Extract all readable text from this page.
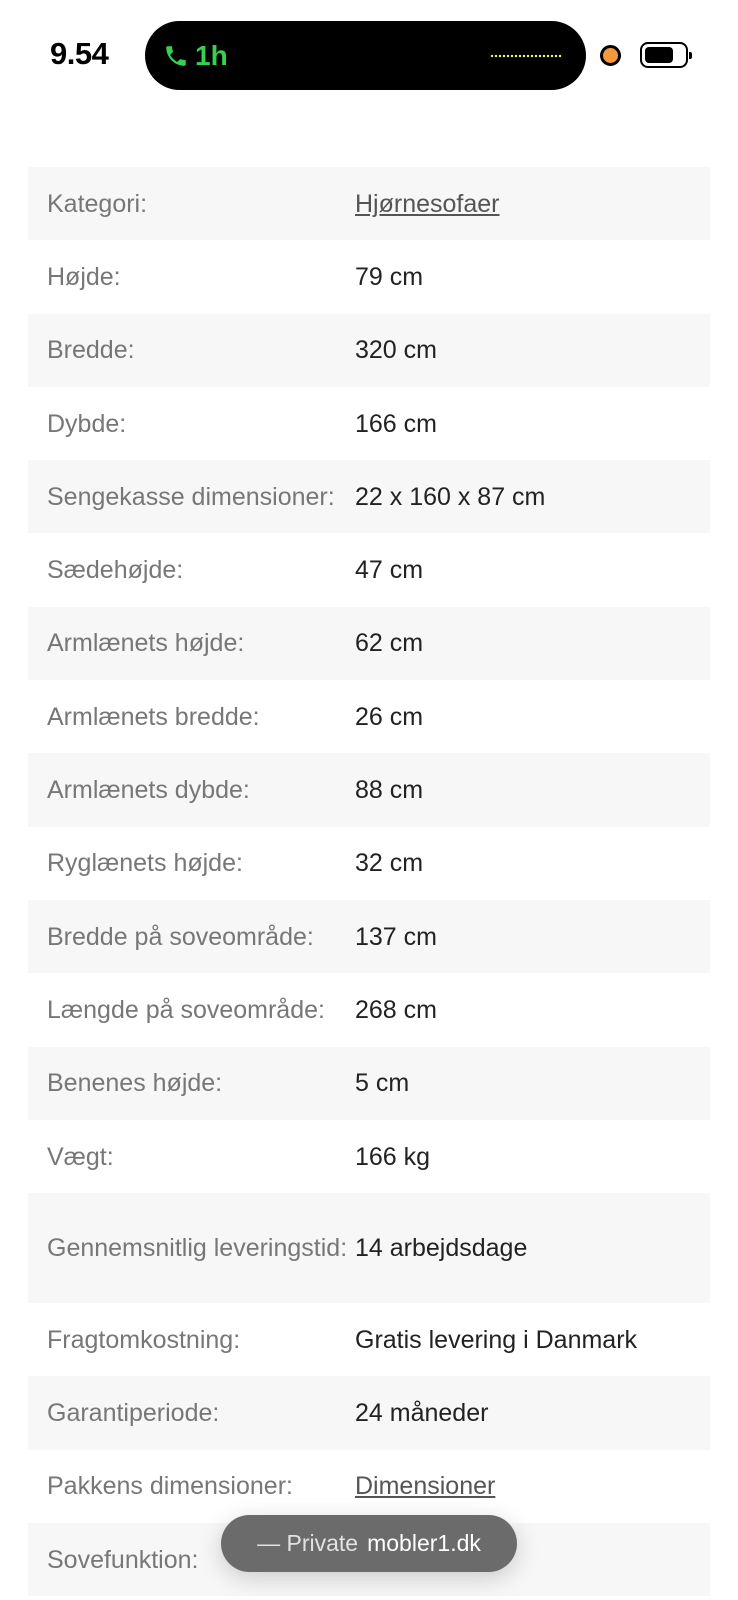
9.54	1h
Kategori:	Hjørnesofaer
Højde:	79 cm
Bredde:	320 cm
Dybde:	166 cm
Sengekasse dimensioner:	22 x 160 x 87 cm
Sædehøjde:	47 cm
Armlænets højde:	62 cm
Armlænets bredde:	26 cm
Armlænets dybde:	88 cm
Ryglænets højde:	32 cm
Bredde på soveområde:	137 cm
Længde på soveområde:	268 cm
Benenes højde:	5 cm
Vægt:	166 kg
Gennemsnitlig leveringstid:	14 arbejdsdage
Fragtomkostning:	Gratis levering i Danmark
Garantiperiode:	24 måneder
Pakkens dimensioner:	Dimensioner
Sovefunktion:	
— Private mobler1.dk
